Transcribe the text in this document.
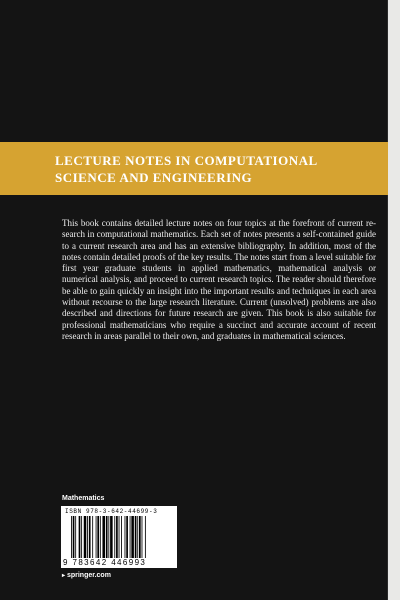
LECTURE NOTES IN COMPUTATIONAL SCIENCE AND ENGINEERING

This book contains detailed lecture notes on four topics at the forefront of current re-search in computational mathematics. Each set of notes presents a self-contained guide to a current research area and has an extensive bibliography. In addition, most of the notes contain detailed proofs of the key results. The notes start from a level suitable for first year graduate students in applied mathematics, mathematical analysis or numerical analysis, and proceed to current research topics. The reader should therefore be able to gain quickly an insight into the important results and techniques in each area without recourse to the large research literature. Current (unsolved) problems are also described and directions for future research are given. This book is also suitable for professional mathematicians who require a succinct and accurate account of recent research in areas parallel to their own, and graduates in mathematical sciences.

Mathematics
ISBN 978-3-642-44699-3
9 783642 446993
▸ springer.com
